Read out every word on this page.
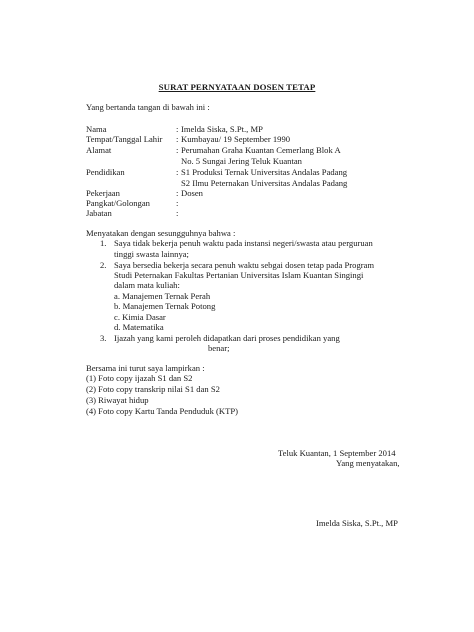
SURAT PERNYATAAN DOSEN TETAP
Yang bertanda tangan di bawah ini :
Nama	: Imelda Siska, S.Pt., MP
Tempat/Tanggal Lahir : Kumbayau/ 19 September 1990
Alamat	: Perumahan Graha Kuantan Cemerlang Blok A
No. 5 Sungai Jering Teluk Kuantan
Pendidikan	: S1 Produksi Ternak Universitas Andalas Padang
S2 Ilmu Peternakan Universitas Andalas Padang
Pekerjaan	: Dosen
Pangkat/Golongan	:
Jabatan	:
Menyatakan dengan sesungguhnya bahwa :
1. Saya tidak bekerja penuh waktu pada instansi negeri/swasta atau perguruan
tinggi swasta lainnya;
2. Saya bersedia bekerja secara penuh waktu sebgai dosen tetap pada Program
Studi Peternakan Fakultas Pertanian Universitas Islam Kuantan Singingi
dalam mata kuliah:
a. Manajemen Ternak Perah
b. Manajemen Ternak Potong
c. Kimia Dasar
d. Matematika
3. Ijazah yang kami peroleh didapatkan dari proses pendidikan yang
benar;
Bersama ini turut saya lampirkan :
(1) Foto copy ijazah S1 dan S2
(2) Foto copy transkrip nilai S1 dan S2
(3) Riwayat hidup
(4) Foto copy Kartu Tanda Penduduk (KTP)
Teluk Kuantan, 1 September 2014
Yang menyatakan,
Imelda Siska, S.Pt., MP
